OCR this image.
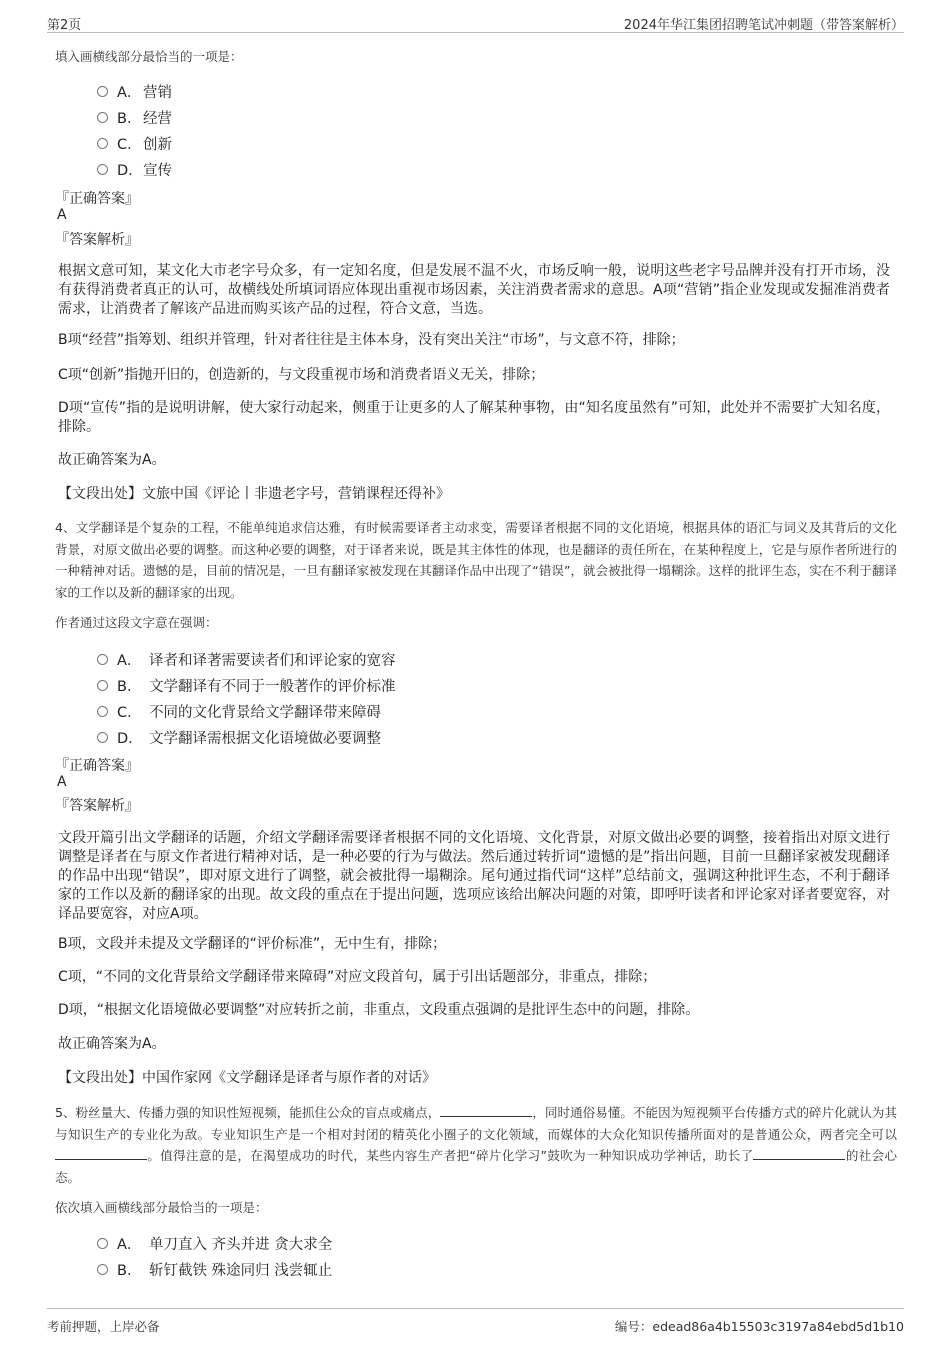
第2页	2024年华江集团招聘笔试冲刺题（带答案解析）
填入画横线部分最恰当的一项是：
A． 营销
B． 经营
C． 创新
D． 宣传
『正确答案』
A
『答案解析』
根据文意可知，某文化大市老字号众多，有一定知名度，但是发展不温不火，市场反响一般，说明这些老字号品牌并没有打开市场，没有获得消费者真正的认可，故横线处所填词语应体现出重视市场因素，关注消费者需求的意思。A项“营销”指企业发现或发掘准消费者需求，让消费者了解该产品进而购买该产品的过程，符合文意，当选。
B项“经营”指筹划、组织并管理，针对者往往是主体本身，没有突出关注“市场”，与文意不符，排除；
C项“创新”指抛开旧的，创造新的，与文段重视市场和消费者语义无关，排除；
D项“宣传”指的是说明讲解，使大家行动起来，侧重于让更多的人了解某种事物，由“知名度虽然有”可知，此处并不需要扩大知名度，排除。
故正确答案为A。
【文段出处】文旅中国《评论丨非遗老字号，营销课程还得补》
4、文学翻译是个复杂的工程，不能单纯追求信达雅，有时候需要译者主动求变，需要译者根据不同的文化语境，根据具体的语汇与词义及其背后的文化背景，对原文做出必要的调整。而这种必要的调整，对于译者来说，既是其主体性的体现，也是翻译的责任所在，在某种程度上，它是与原作者所进行的一种精神对话。遗憾的是，目前的情况是，一旦有翻译家被发现在其翻译作品中出现了“错误”，就会被批得一塌糊涂。这样的批评生态，实在不利于翻译家的工作以及新的翻译家的出现。
作者通过这段文字意在强调：
A． 译者和译著需要读者们和评论家的宽容
B． 文学翻译有不同于一般著作的评价标准
C． 不同的文化背景给文学翻译带来障碍
D． 文学翻译需根据文化语境做必要调整
『正确答案』
A
『答案解析』
文段开篇引出文学翻译的话题，介绍文学翻译需要译者根据不同的文化语境、文化背景，对原文做出必要的调整，接着指出对原文进行调整是译者在与原文作者进行精神对话，是一种必要的行为与做法。然后通过转折词“遗憾的是”指出问题，目前一旦翻译家被发现翻译的作品中出现“错误”，即对原文进行了调整，就会被批得一塌糊涂。尾句通过指代词“这样”总结前文，强调这种批评生态，不利于翻译家的工作以及新的翻译家的出现。故文段的重点在于提出问题，选项应该给出解决问题的对策，即呼吁读者和评论家对译者要宽容，对译品要宽容，对应A项。
B项，文段并未提及文学翻译的“评价标准”，无中生有，排除；
C项，“不同的文化背景给文学翻译带来障碍”对应文段首句，属于引出话题部分，非重点，排除；
D项，“根据文化语境做必要调整”对应转折之前，非重点，文段重点强调的是批评生态中的问题，排除。
故正确答案为A。
【文段出处】中国作家网《文学翻译是译者与原作者的对话》
5、粉丝量大、传播力强的知识性短视频，能抓住公众的盲点或痛点，	，同时通俗易懂。不能因为短视频平台传播方式的碎片化就认为其与知识生产的专业化为敌。专业知识生产是一个相对封闭的精英化小圈子的文化领域，而媒体的大众化知识传播所面对的是普通公众，两者完全可以。值得注意的是，在渴望成功的时代，某些内容生产者把“碎片化学习”鼓吹为一种知识成功学神话，助长了	的社会心态。
依次填入画横线部分最恰当的一项是：
A． 单刀直入 齐头并进 贪大求全
B． 斩钉截铁 殊途同归 浅尝辄止
考前押题，上岸必备	编号：edead86a4b15503c3197a84ebd5d1b10
